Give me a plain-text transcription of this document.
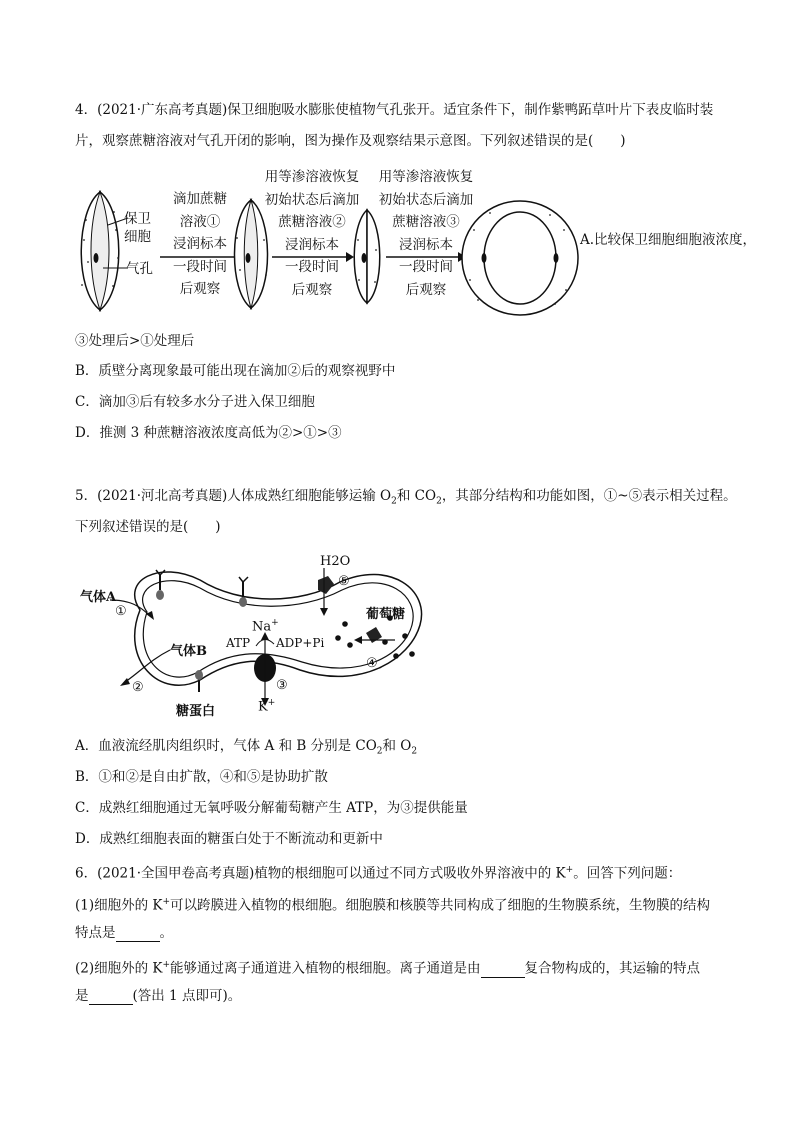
4．(2021·广东高考真题)保卫细胞吸水膨胀使植物气孔张开。适宜条件下，制作紫鸭跖草叶片下表皮临时装
片，观察蔗糖溶液对气孔开闭的影响，图为操作及观察结果示意图。下列叙述错误的是(　　)
保卫
细胞
气孔
滴加蔗糖
溶液①
浸润标本
一段时间
后观察
用等渗溶液恢复
初始状态后滴加
蔗糖溶液②
浸润标本
一段时间
后观察
用等渗溶液恢复
初始状态后滴加
蔗糖溶液③
浸润标本
一段时间
后观察
A.比较保卫细胞细胞液浓度，
③处理后>①处理后
B．质壁分离现象最可能出现在滴加②后的观察视野中
C．滴加③后有较多水分子进入保卫细胞
D．推测 3 种蔗糖溶液浓度高低为②>①>③
5．(2021·河北高考真题)人体成熟红细胞能够运输 $O_2$和 $CO_2$，其部分结构和功能如图，①~⑤表示相关过程。
下列叙述错误的是(　　)
气体A
①
气体B
②
糖蛋白
H2O
⑤
葡萄糖
④
Na+
ATP ADP+Pi
③
K+
A．血液流经肌肉组织时，气体 A 和 B 分别是 $CO_2$和 $O_2$
B．①和②是自由扩散，④和⑤是协助扩散
C．成熟红细胞通过无氧呼吸分解葡萄糖产生 ATP，为③提供能量
D．成熟红细胞表面的糖蛋白处于不断流动和更新中
6．(2021·全国甲卷高考真题)植物的根细胞可以通过不同方式吸收外界溶液中的 K+。回答下列问题：
(1)细胞外的 K+可以跨膜进入植物的根细胞。细胞膜和核膜等共同构成了细胞的生物膜系统，生物膜的结构
特点是	。
(2)细胞外的 K+能够通过离子通道进入植物的根细胞。离子通道是由	复合物构成的，其运输的特点
是	(答出 1 点即可)。
